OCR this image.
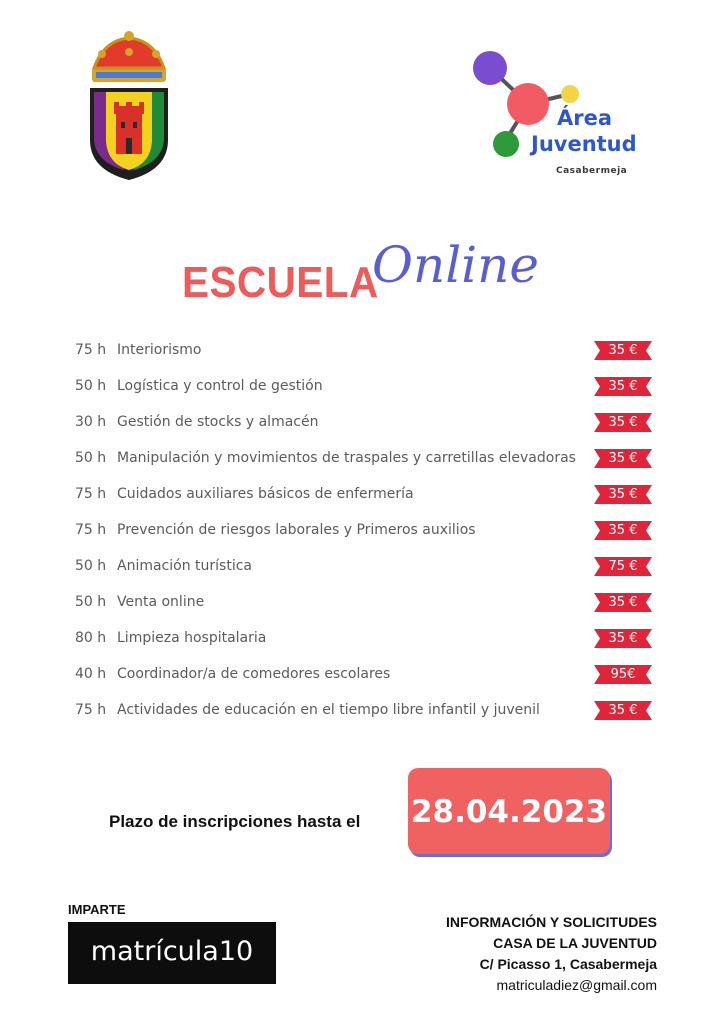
Área
Juventud
Casabermeja
ESCUELA
Online
75 h Interiorismo	35 €
50 h Logística y control de gestión	35 €
30 h Gestión de stocks y almacén	35 €
50 h Manipulación y movimientos de traspales y carretillas elevadoras	35 €
75 h Cuidados auxiliares básicos de enfermería	35 €
75 h Prevención de riesgos laborales y Primeros auxilios	35 €
50 h Animación turística	75 €
50 h Venta online	35 €
80 h Limpieza hospitalaria	35 €
40 h Coordinador/a de comedores escolares	95€
75 h Actividades de educación en el tiempo libre infantil y juvenil	35 €
Plazo de inscripciones hasta el 28.04.2023
IMPARTE
matrícula10
INFORMACIÓN Y SOLICITUDES
CASA DE LA JUVENTUD
C/ Picasso 1, Casabermeja
matriculadiez@gmail.com
